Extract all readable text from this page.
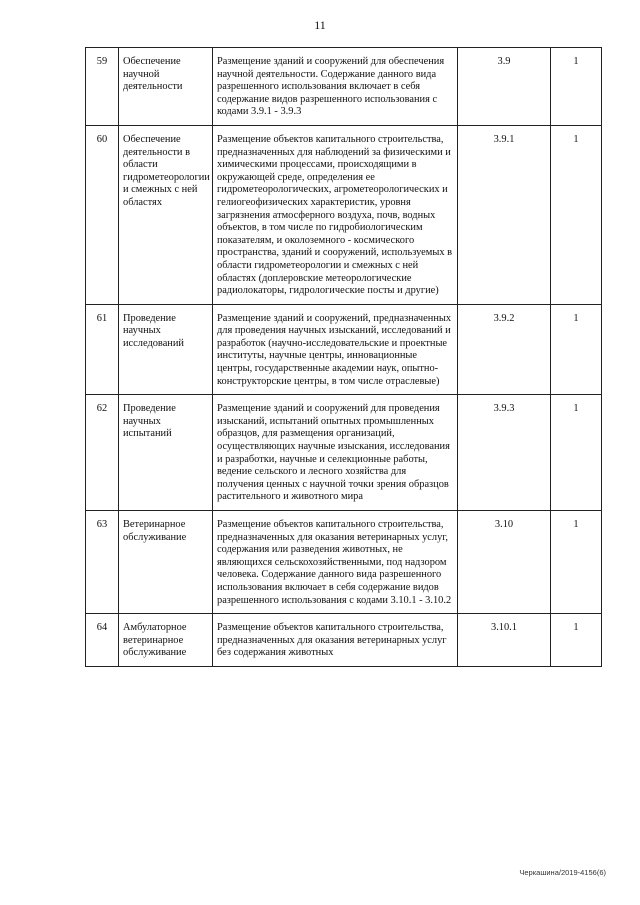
11
59	Обеспечение научной деятельности	Размещение зданий и сооружений для обеспечения научной деятельности. Содержание данного вида разрешенного использования включает в себя содержание видов разрешенного использования с кодами 3.9.1 - 3.9.3	3.9	1
60	Обеспечение деятельности в области гидрометеорологии и смежных с ней областях	Размещение объектов капитального строительства, предназначенных для наблюдений за физическими и химическими процессами, происходящими в окружающей среде, определения ее гидрометеорологических, агрометеорологических и гелиогеофизических характеристик, уровня загрязнения атмосферного воздуха, почв, водных объектов, в том числе по гидробиологическим показателям, и околоземного - космического пространства, зданий и сооружений, используемых в области гидрометеорологии и смежных с ней областях (доплеровские метеорологические радиолокаторы, гидрологические посты и другие)	3.9.1	1
61	Проведение научных исследований	Размещение зданий и сооружений, предназначенных для проведения научных изысканий, исследований и разработок (научно-исследовательские и проектные институты, научные центры, инновационные центры, государственные академии наук, опытно-конструкторские центры, в том числе отраслевые)	3.9.2	1
62	Проведение научных испытаний	Размещение зданий и сооружений для проведения изысканий, испытаний опытных промышленных образцов, для размещения организаций, осуществляющих научные изыскания, исследования и разработки, научные и селекционные работы, ведение сельского и лесного хозяйства для получения ценных с научной точки зрения образцов растительного и животного мира	3.9.3	1
63	Ветеринарное обслуживание	Размещение объектов капитального строительства, предназначенных для оказания ветеринарных услуг, содержания или разведения животных, не являющихся сельскохозяйственными, под надзором человека. Содержание данного вида разрешенного использования включает в себя содержание видов разрешенного использования с кодами 3.10.1 - 3.10.2	3.10	1
64	Амбулаторное ветеринарное обслуживание	Размещение объектов капитального строительства, предназначенных для оказания ветеринарных услуг без содержания животных	3.10.1	1
Черкашина/2019-4156(6)
